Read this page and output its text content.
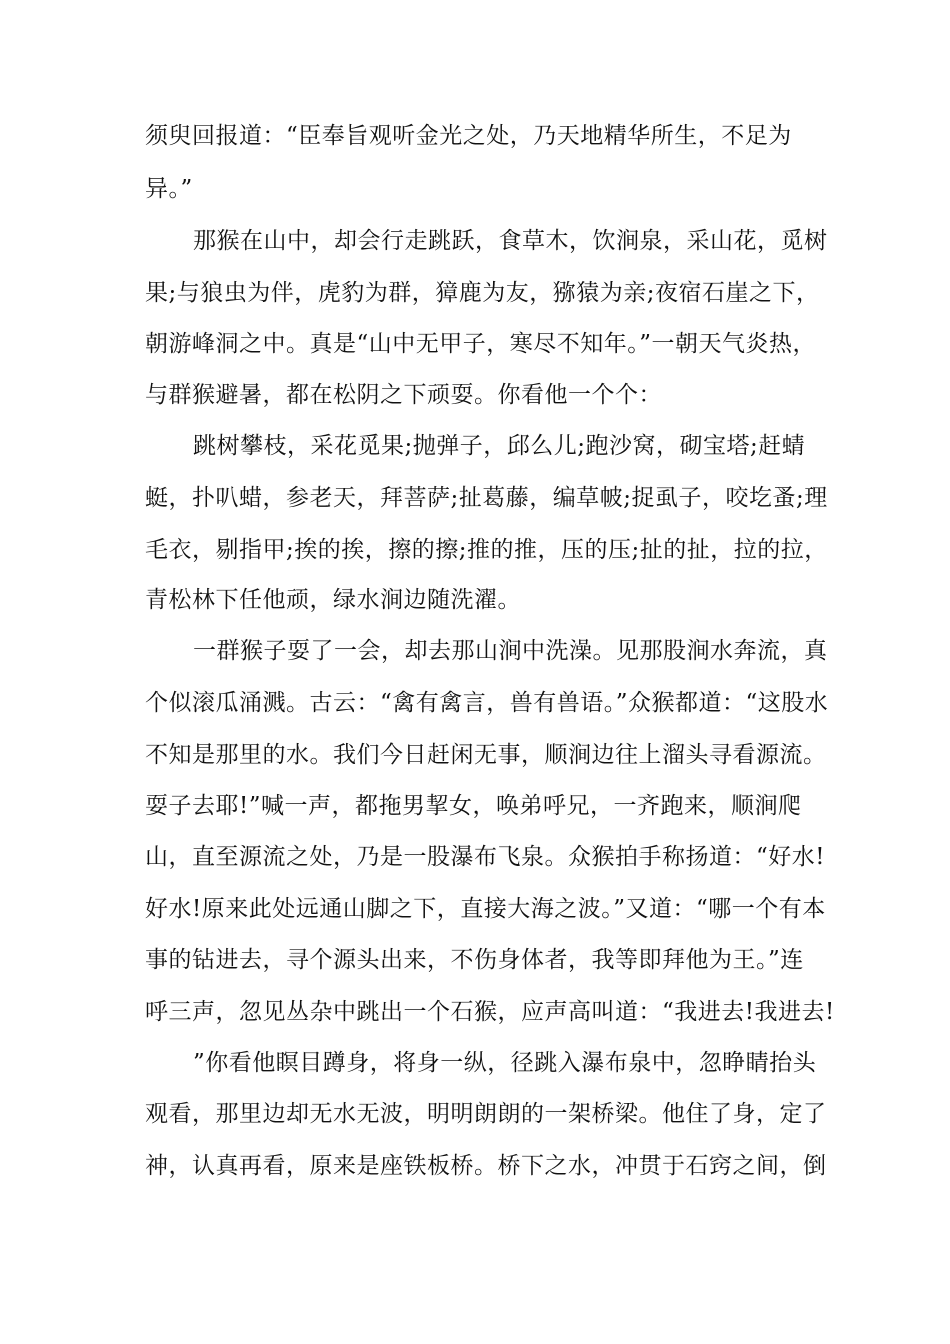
须臾回报道：“臣奉旨观听金光之处，乃天地精华所生，不足为
异。”
那猴在山中，却会行走跳跃，食草木，饮涧泉，采山花，觅树
果;与狼虫为伴，虎豹为群，獐鹿为友，猕猿为亲;夜宿石崖之下，
朝游峰洞之中。真是“山中无甲子，寒尽不知年。”一朝天气炎热，
与群猴避暑，都在松阴之下顽耍。你看他一个个：
跳树攀枝，采花觅果;抛弹子，邱么儿;跑沙窝，砌宝塔;赶蜻
蜓，扑叭蜡，参老天，拜菩萨;扯葛藤，编草帔;捉虱子，咬圪蚤;理
毛衣，剔指甲;挨的挨，擦的擦;推的推，压的压;扯的扯，拉的拉，
青松林下任他顽，绿水涧边随洗濯。
一群猴子耍了一会，却去那山涧中洗澡。见那股涧水奔流，真
个似滚瓜涌溅。古云：“禽有禽言，兽有兽语。”众猴都道：“这股水
不知是那里的水。我们今日赶闲无事，顺涧边往上溜头寻看源流。
耍子去耶!”喊一声，都拖男挈女，唤弟呼兄，一齐跑来，顺涧爬
山，直至源流之处，乃是一股瀑布飞泉。众猴拍手称扬道：“好水!
好水!原来此处远通山脚之下，直接大海之波。”又道：“哪一个有本
事的钻进去，寻个源头出来，不伤身体者，我等即拜他为王。”连
呼三声，忽见丛杂中跳出一个石猴，应声高叫道：“我进去!我进去!
”你看他瞑目蹲身，将身一纵，径跳入瀑布泉中，忽睁睛抬头
观看，那里边却无水无波，明明朗朗的一架桥梁。他住了身，定了
神，认真再看，原来是座铁板桥。桥下之水，冲贯于石窍之间，倒
